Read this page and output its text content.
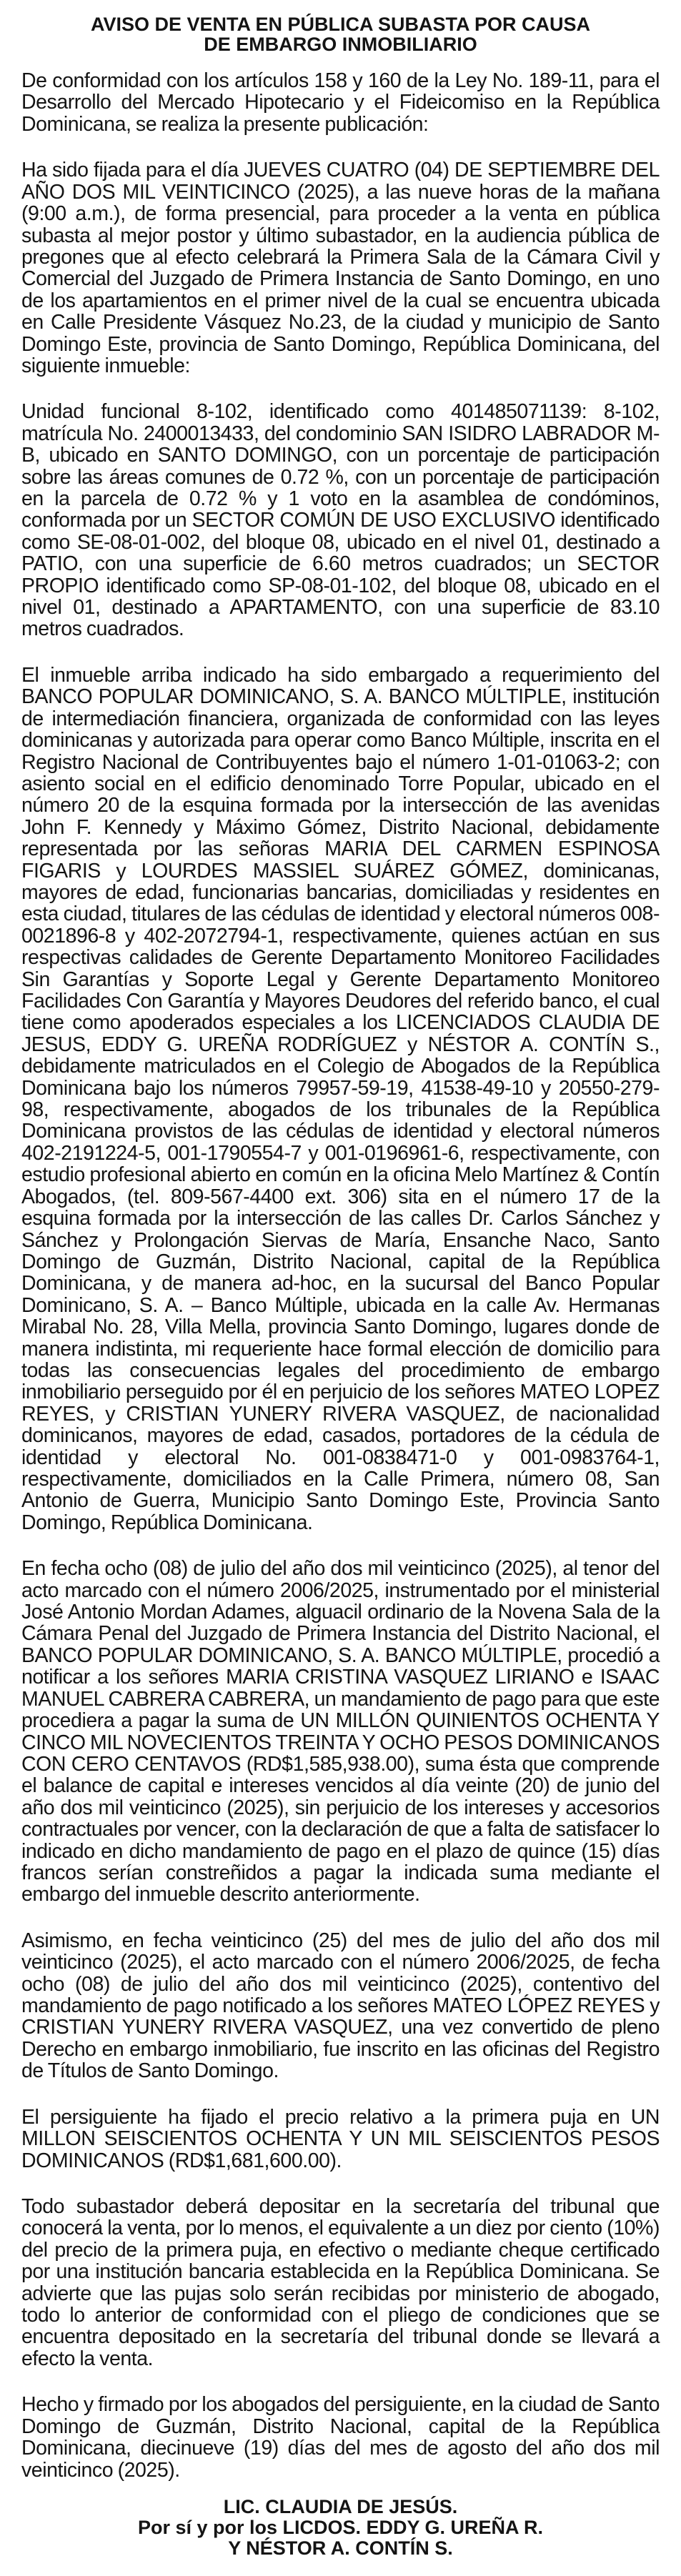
AVISO DE VENTA EN PÚBLICA SUBASTA POR CAUSA
DE EMBARGO INMOBILIARIO

De conformidad con los artículos 158 y 160 de la Ley No. 189-11, para el Desarrollo del Mercado Hipotecario y el Fideicomiso en la República Dominicana, se realiza la presente publicación:

Ha sido fijada para el día JUEVES CUATRO (04) DE SEPTIEMBRE DEL AÑO DOS MIL VEINTICINCO (2025), a las nueve horas de la mañana (9:00 a.m.), de forma presencial, para proceder a la venta en pública subasta al mejor postor y último subastador, en la audiencia pública de pregones que al efecto celebrará la Primera Sala de la Cámara Civil y Comercial del Juzgado de Primera Instancia de Santo Domingo, en uno de los apartamientos en el primer nivel de la cual se encuentra ubicada en Calle Presidente Vásquez No.23, de la ciudad y municipio de Santo Domingo Este, provincia de Santo Domingo, República Dominicana, del siguiente inmueble:

Unidad funcional 8-102, identificado como 401485071139: 8-102, matrícula No. 2400013433, del condominio SAN ISIDRO LABRADOR M-B, ubicado en SANTO DOMINGO, con un porcentaje de participación sobre las áreas comunes de 0.72 %, con un porcentaje de participación en la parcela de 0.72 % y 1 voto en la asamblea de condóminos, conformada por un SECTOR COMÚN DE USO EXCLUSIVO identificado como SE-08-01-002, del bloque 08, ubicado en el nivel 01, destinado a PATIO, con una superficie de 6.60 metros cuadrados; un SECTOR PROPIO identificado como SP-08-01-102, del bloque 08, ubicado en el nivel 01, destinado a APARTAMENTO, con una superficie de 83.10 metros cuadrados.

El inmueble arriba indicado ha sido embargado a requerimiento del BANCO POPULAR DOMINICANO, S. A. BANCO MÚLTIPLE, institución de intermediación financiera, organizada de conformidad con las leyes dominicanas y autorizada para operar como Banco Múltiple, inscrita en el Registro Nacional de Contribuyentes bajo el número 1-01-01063-2; con asiento social en el edificio denominado Torre Popular, ubicado en el número 20 de la esquina formada por la intersección de las avenidas John F. Kennedy y Máximo Gómez, Distrito Nacional, debidamente representada por las señoras MARIA DEL CARMEN ESPINOSA FIGARIS y LOURDES MASSIEL SUÁREZ GÓMEZ, dominicanas, mayores de edad, funcionarias bancarias, domiciliadas y residentes en esta ciudad, titulares de las cédulas de identidad y electoral números 008-0021896-8 y 402-2072794-1, respectivamente, quienes actúan en sus respectivas calidades de Gerente Departamento Monitoreo Facilidades Sin Garantías y Soporte Legal y Gerente Departamento Monitoreo Facilidades Con Garantía y Mayores Deudores del referido banco, el cual tiene como apoderados especiales a los LICENCIADOS CLAUDIA DE JESUS, EDDY G. UREÑA RODRÍGUEZ y NÉSTOR A. CONTÍN S., debidamente matriculados en el Colegio de Abogados de la República Dominicana bajo los números 79957-59-19, 41538-49-10 y 20550-279-98, respectivamente, abogados de los tribunales de la República Dominicana provistos de las cédulas de identidad y electoral números 402-2191224-5, 001-1790554-7 y 001-0196961-6, respectivamente, con estudio profesional abierto en común en la oficina Melo Martínez & Contín Abogados, (tel. 809-567-4400 ext. 306) sita en el número 17 de la esquina formada por la intersección de las calles Dr. Carlos Sánchez y Sánchez y Prolongación Siervas de María, Ensanche Naco, Santo Domingo de Guzmán, Distrito Nacional, capital de la República Dominicana, y de manera ad-hoc, en la sucursal del Banco Popular Dominicano, S. A. – Banco Múltiple, ubicada en la calle Av. Hermanas Mirabal No. 28, Villa Mella, provincia Santo Domingo, lugares donde de manera indistinta, mi requeriente hace formal elección de domicilio para todas las consecuencias legales del procedimiento de embargo inmobiliario perseguido por él en perjuicio de los señores MATEO LOPEZ REYES, y CRISTIAN YUNERY RIVERA VASQUEZ, de nacionalidad dominicanos, mayores de edad, casados, portadores de la cédula de identidad y electoral No. 001-0838471-0 y 001-0983764-1, respectivamente, domiciliados en la Calle Primera, número 08, San Antonio de Guerra, Municipio Santo Domingo Este, Provincia Santo Domingo, República Dominicana.

En fecha ocho (08) de julio del año dos mil veinticinco (2025), al tenor del acto marcado con el número 2006/2025, instrumentado por el ministerial José Antonio Mordan Adames, alguacil ordinario de la Novena Sala de la Cámara Penal del Juzgado de Primera Instancia del Distrito Nacional, el BANCO POPULAR DOMINICANO, S. A. BANCO MÚLTIPLE, procedió a notificar a los señores MARIA CRISTINA VASQUEZ LIRIANO e ISAAC MANUEL CABRERA CABRERA, un mandamiento de pago para que este procediera a pagar la suma de UN MILLÓN QUINIENTOS OCHENTA Y CINCO MIL NOVECIENTOS TREINTA Y OCHO PESOS DOMINICANOS CON CERO CENTAVOS (RD$1,585,938.00), suma ésta que comprende el balance de capital e intereses vencidos al día veinte (20) de junio del año dos mil veinticinco (2025), sin perjuicio de los intereses y accesorios contractuales por vencer, con la declaración de que a falta de satisfacer lo indicado en dicho mandamiento de pago en el plazo de quince (15) días francos serían constreñidos a pagar la indicada suma mediante el embargo del inmueble descrito anteriormente.

Asimismo, en fecha veinticinco (25) del mes de julio del año dos mil veinticinco (2025), el acto marcado con el número 2006/2025, de fecha ocho (08) de julio del año dos mil veinticinco (2025), contentivo del mandamiento de pago notificado a los señores MATEO LÓPEZ REYES y CRISTIAN YUNERY RIVERA VASQUEZ, una vez convertido de pleno Derecho en embargo inmobiliario, fue inscrito en las oficinas del Registro de Títulos de Santo Domingo.

El persiguiente ha fijado el precio relativo a la primera puja en UN MILLON SEISCIENTOS OCHENTA Y UN MIL SEISCIENTOS PESOS DOMINICANOS (RD$1,681,600.00).

Todo subastador deberá depositar en la secretaría del tribunal que conocerá la venta, por lo menos, el equivalente a un diez por ciento (10%) del precio de la primera puja, en efectivo o mediante cheque certificado por una institución bancaria establecida en la República Dominicana. Se advierte que las pujas solo serán recibidas por ministerio de abogado, todo lo anterior de conformidad con el pliego de condiciones que se encuentra depositado en la secretaría del tribunal donde se llevará a efecto la venta.

Hecho y firmado por los abogados del persiguiente, en la ciudad de Santo Domingo de Guzmán, Distrito Nacional, capital de la República Dominicana, diecinueve (19) días del mes de agosto del año dos mil veinticinco (2025).

LIC. CLAUDIA DE JESÚS.
Por sí y por los LICDOS. EDDY G. UREÑA R.
Y NÉSTOR A. CONTÍN S.
